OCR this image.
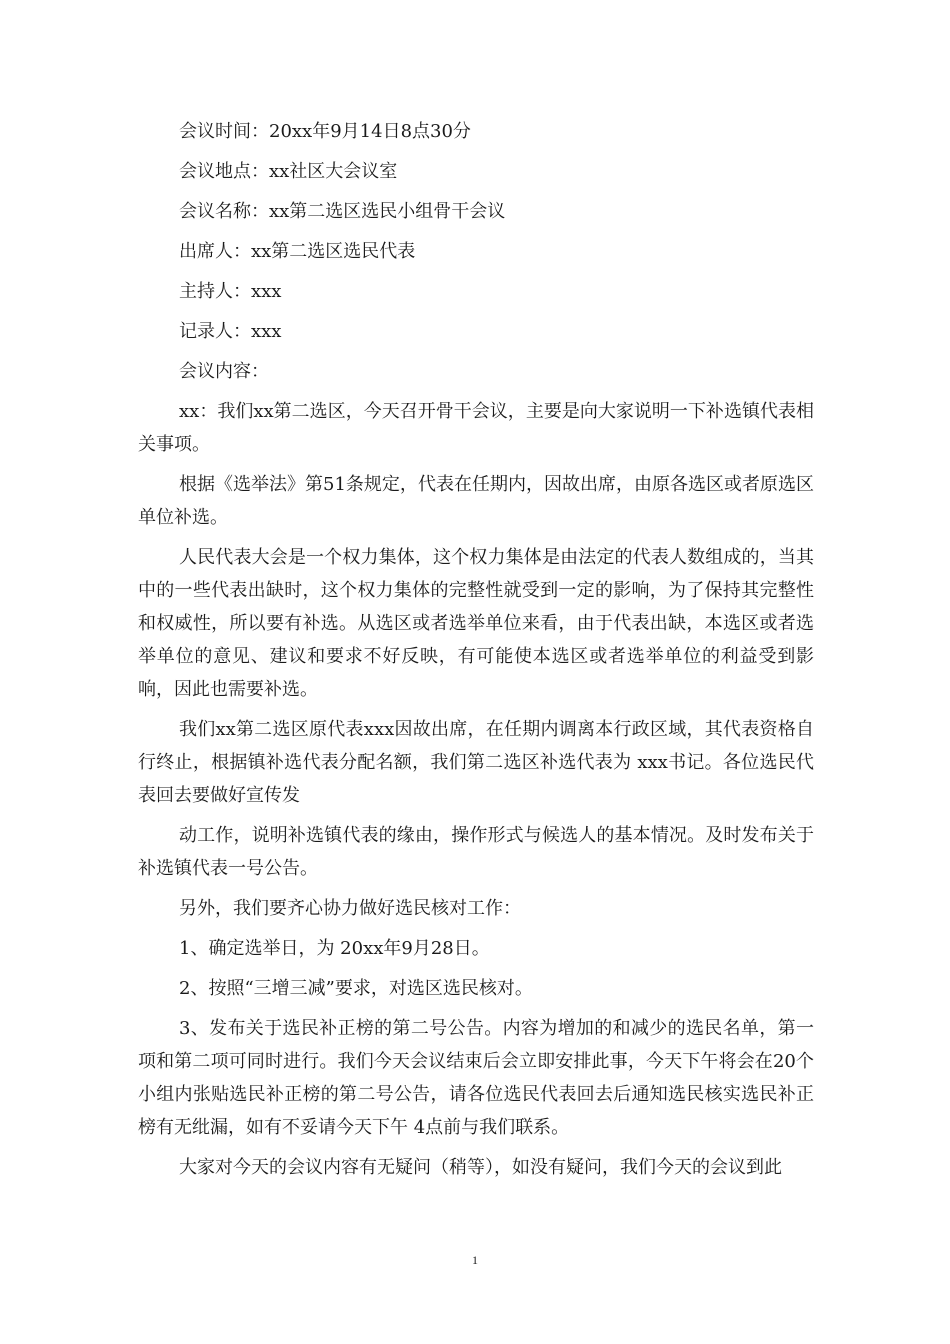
会议时间：20xx年9月14日8点30分

会议地点：xx社区大会议室

会议名称：xx第二选区选民小组骨干会议

出席人：xx第二选区选民代表

主持人：xxx

记录人：xxx

会议内容：

xx：我们xx第二选区，今天召开骨干会议，主要是向大家说明一下补选镇代表相关事项。

根据《选举法》第51条规定，代表在任期内，因故出席，由原各选区或者原选区单位补选。

人民代表大会是一个权力集体，这个权力集体是由法定的代表人数组成的，当其中的一些代表出缺时，这个权力集体的完整性就受到一定的影响，为了保持其完整性和权威性，所以要有补选。从选区或者选举单位来看，由于代表出缺，本选区或者选举单位的意见、建议和要求不好反映，有可能使本选区或者选举单位的利益受到影响，因此也需要补选。

我们xx第二选区原代表xxx因故出席，在任期内调离本行政区域，其代表资格自行终止，根据镇补选代表分配名额，我们第二选区补选代表为 xxx书记。各位选民代表回去要做好宣传发

动工作，说明补选镇代表的缘由，操作形式与候选人的基本情况。及时发布关于补选镇代表一号公告。

另外，我们要齐心协力做好选民核对工作：

1、确定选举日，为 20xx年9月28日。

2、按照“三增三减”要求，对选区选民核对。

3、发布关于选民补正榜的第二号公告。内容为增加的和减少的选民名单，第一项和第二项可同时进行。我们今天会议结束后会立即安排此事，今天下午将会在20个小组内张贴选民补正榜的第二号公告，请各位选民代表回去后通知选民核实选民补正榜有无纰漏，如有不妥请今天下午 4点前与我们联系。

大家对今天的会议内容有无疑问（稍等），如没有疑问，我们今天的会议到此

1
